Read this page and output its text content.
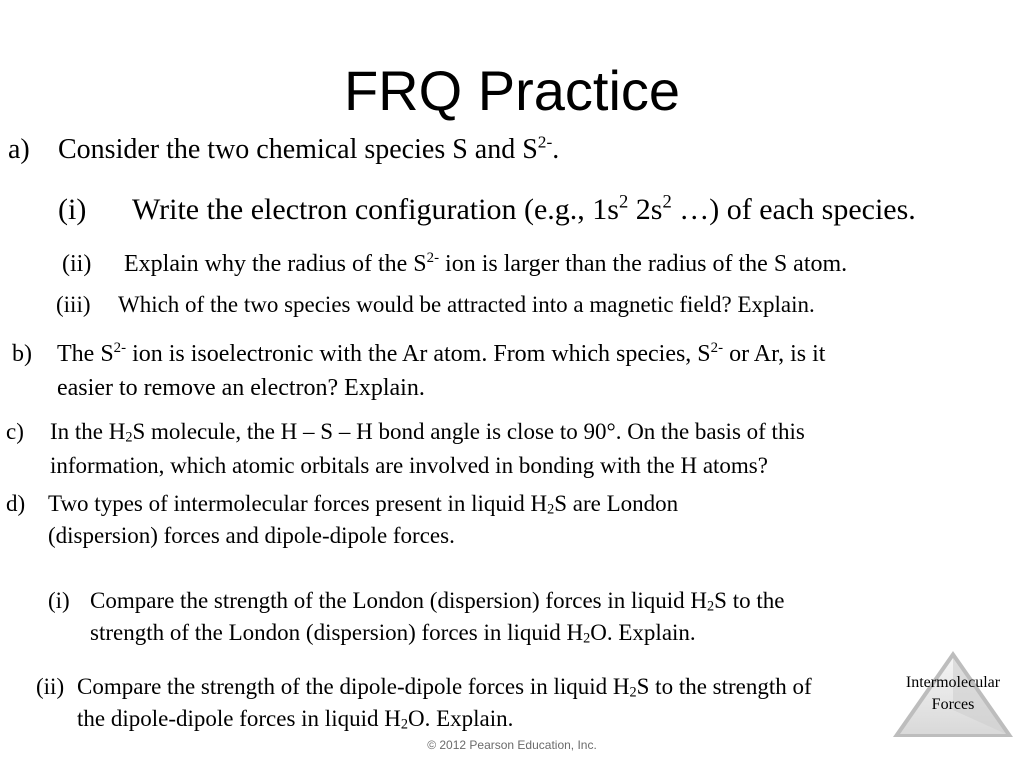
FRQ Practice
a) Consider the two chemical species S and $S^{2-}$.
(i) Write the electron configuration (e.g., $1s^2$ $2s^2$ …) of each species.
(ii) Explain why the radius of the $S^{2-}$ ion is larger than the radius of the S atom.
(iii) Which of the two species would be attracted into a magnetic field? Explain.
b) The $S^{2-}$ ion is isoelectronic with the Ar atom. From which species, $S^{2-}$ or Ar, is it
easier to remove an electron? Explain.
c) In the $H_2S$ molecule, the H – S – H bond angle is close to 90°. On the basis of this
information, which atomic orbitals are involved in bonding with the H atoms?
d) Two types of intermolecular forces present in liquid $H_2S$ are London
(dispersion) forces and dipole-dipole forces.
(i) Compare the strength of the London (dispersion) forces in liquid $H_2S$ to the
strength of the London (dispersion) forces in liquid $H_2O$. Explain.
Intermolecular
Forces
(ii) Compare the strength of the dipole-dipole forces in liquid $H_2S$ to the strength of
the dipole-dipole forces in liquid $H_2O$. Explain.
© 2012 Pearson Education, Inc.
